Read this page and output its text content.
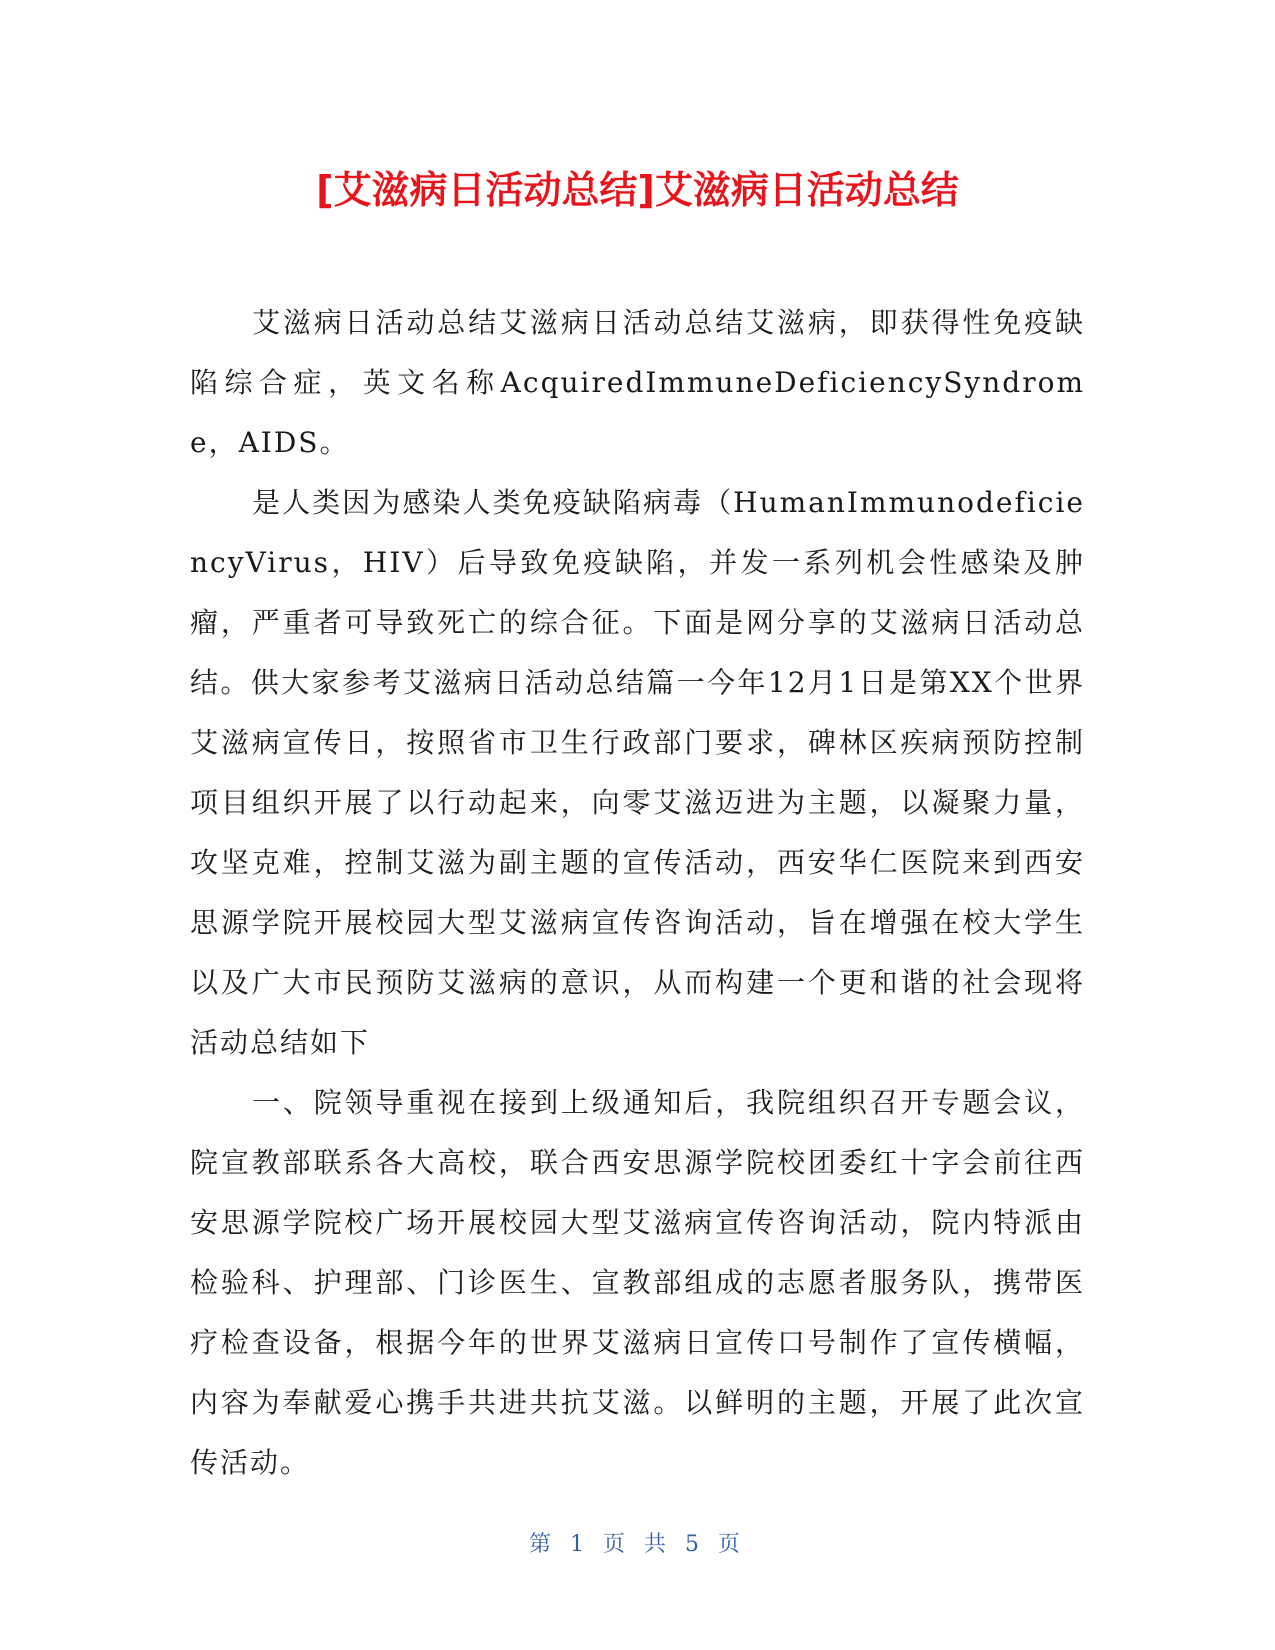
[艾滋病日活动总结]艾滋病日活动总结

艾滋病日活动总结艾滋病日活动总结艾滋病，即获得性免疫缺陷综合症，英文名称AcquiredImmuneDeficiencySyndrome，AIDS。

是人类因为感染人类免疫缺陷病毒（HumanImmunodeficiencyVirus，HIV）后导致免疫缺陷，并发一系列机会性感染及肿瘤，严重者可导致死亡的综合征。下面是网分享的艾滋病日活动总结。供大家参考艾滋病日活动总结篇一今年12月1日是第XX个世界艾滋病宣传日，按照省市卫生行政部门要求，碑林区疾病预防控制项目组织开展了以行动起来，向零艾滋迈进为主题，以凝聚力量，攻坚克难，控制艾滋为副主题的宣传活动，西安华仁医院来到西安思源学院开展校园大型艾滋病宣传咨询活动，旨在增强在校大学生以及广大市民预防艾滋病的意识，从而构建一个更和谐的社会现将活动总结如下

一、院领导重视在接到上级通知后，我院组织召开专题会议，院宣教部联系各大高校，联合西安思源学院校团委红十字会前往西安思源学院校广场开展校园大型艾滋病宣传咨询活动，院内特派由检验科、护理部、门诊医生、宣教部组成的志愿者服务队，携带医疗检查设备，根据今年的世界艾滋病日宣传口号制作了宣传横幅，内容为奉献爱心携手共进共抗艾滋。以鲜明的主题，开展了此次宣传活动。

第 1 页 共 5 页
